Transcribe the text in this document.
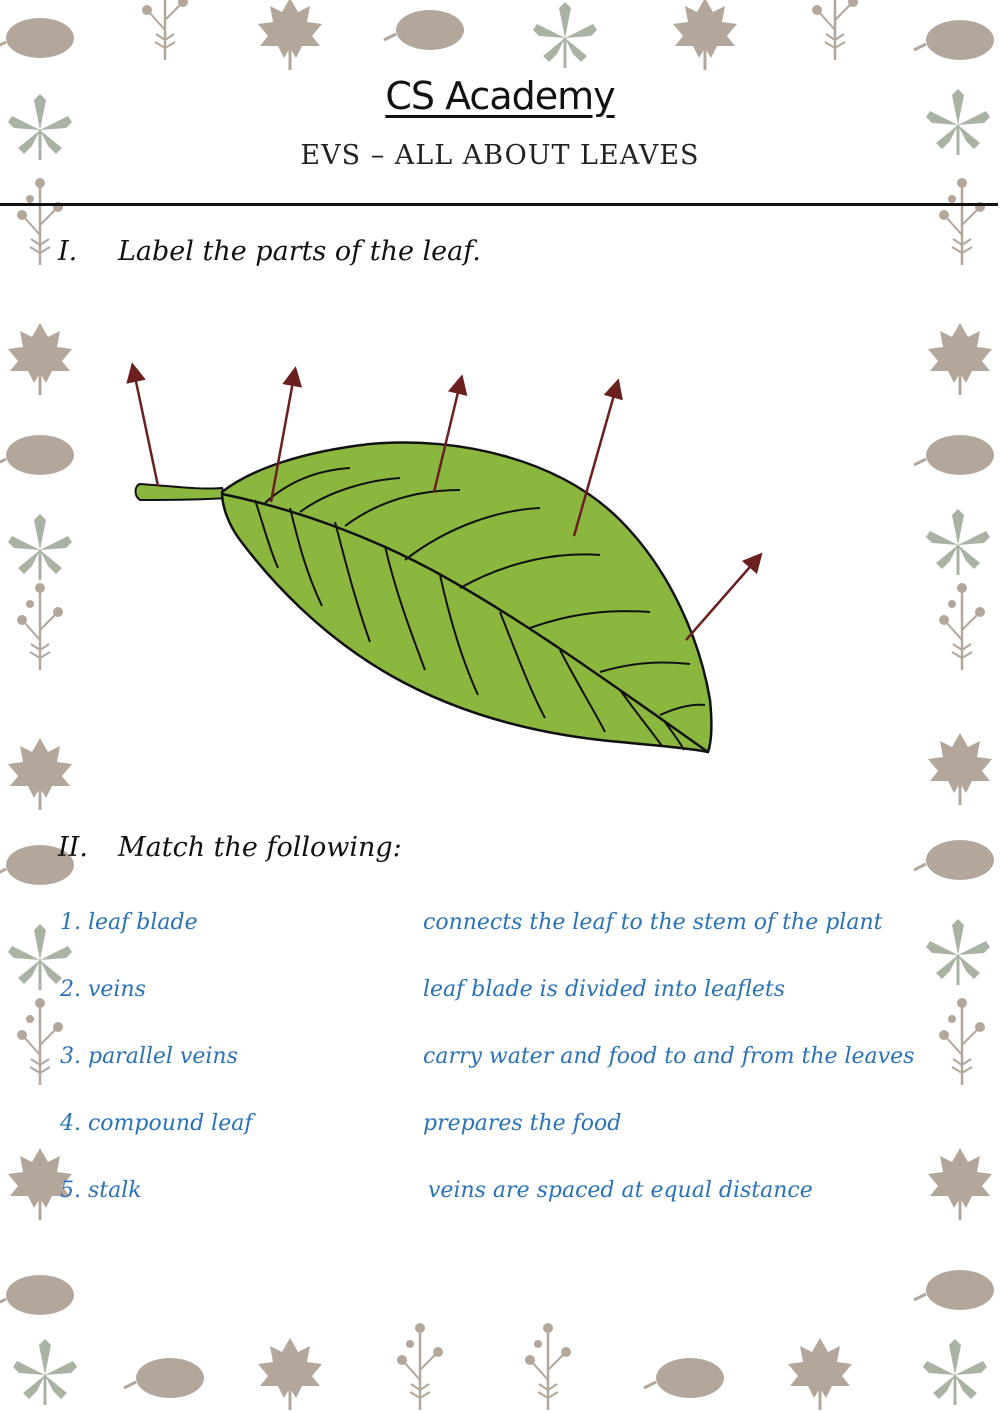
CS Academy
EVS – ALL ABOUT LEAVES
I. Label the parts of the leaf.
II. Match the following:
1. leaf blade	connects the leaf to the stem of the plant
2. veins	leaf blade is divided into leaflets
3. parallel veins	carry water and food to and from the leaves
4. compound leaf	prepares the food
5. stalk	veins are spaced at equal distance
